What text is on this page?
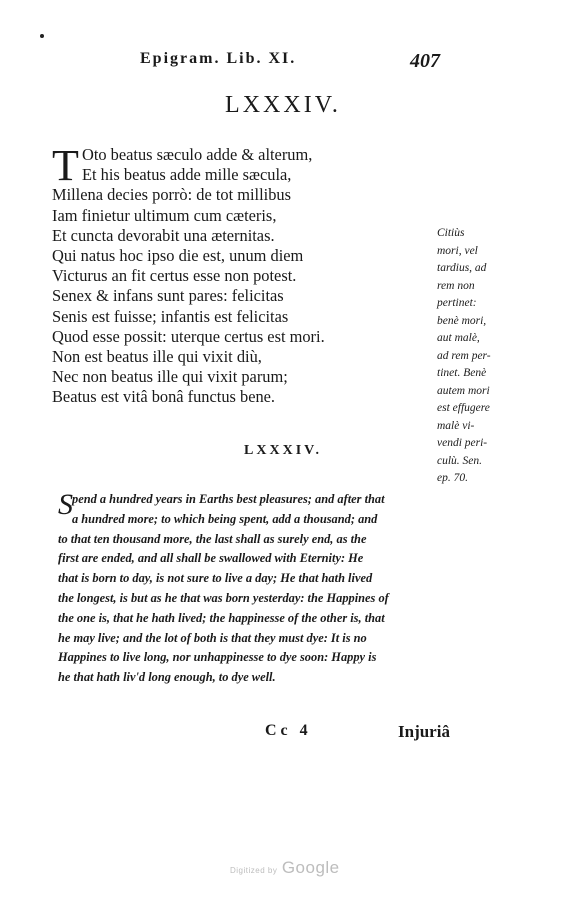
Epigram. Lib. XI.	407
LXXXIV.
T Oto beatus sæculo adde & alterum,
Et his beatus adde mille sæcula,
Millena decies porrò: de tot millibus
Iam finietur ultimum cum cæteris,
Et cuncta devorabit una æternitas.
Qui natus hoc ipso die est, unum diem
Victurus an fit certus esse non potest.
Senex & infans sunt pares: felicitas
Senis est fuisse; infantis est felicitas
Quod esse possit: uterque certus est mori.
Non est beatus ille qui vixit diù,
Nec non beatus ille qui vixit parum;
Beatus est vitâ bonâ functus bene.
Citiùs
mori, vel
tardius, ad
rem non
pertinet:
benè mori,
aut malè,
ad rem per-
tinet. Benè
autem mori
est effugere
malè vi-
vendi peri-
culù. Sen.
ep. 70.
LXXXIV.
S pend a hundred years in Earths best pleasures; and after that
a hundred more; to which being spent, add a thousand; and
to that ten thousand more, the last shall as surely end, as the
first are ended, and all shall be swallowed with Eternity: He
that is born to day, is not sure to live a day; He that hath lived
the longest, is but as he that was born yesterday: the Happines of
the one is, that he hath lived; the happinesse of the other is, that
he may live; and the lot of both is that they must dye: It is no
Happines to live long, nor unhappinesse to dye soon: Happy is
he that hath liv'd long enough, to dye well.
Cc 4	Injuriâ
Digitized by Google
